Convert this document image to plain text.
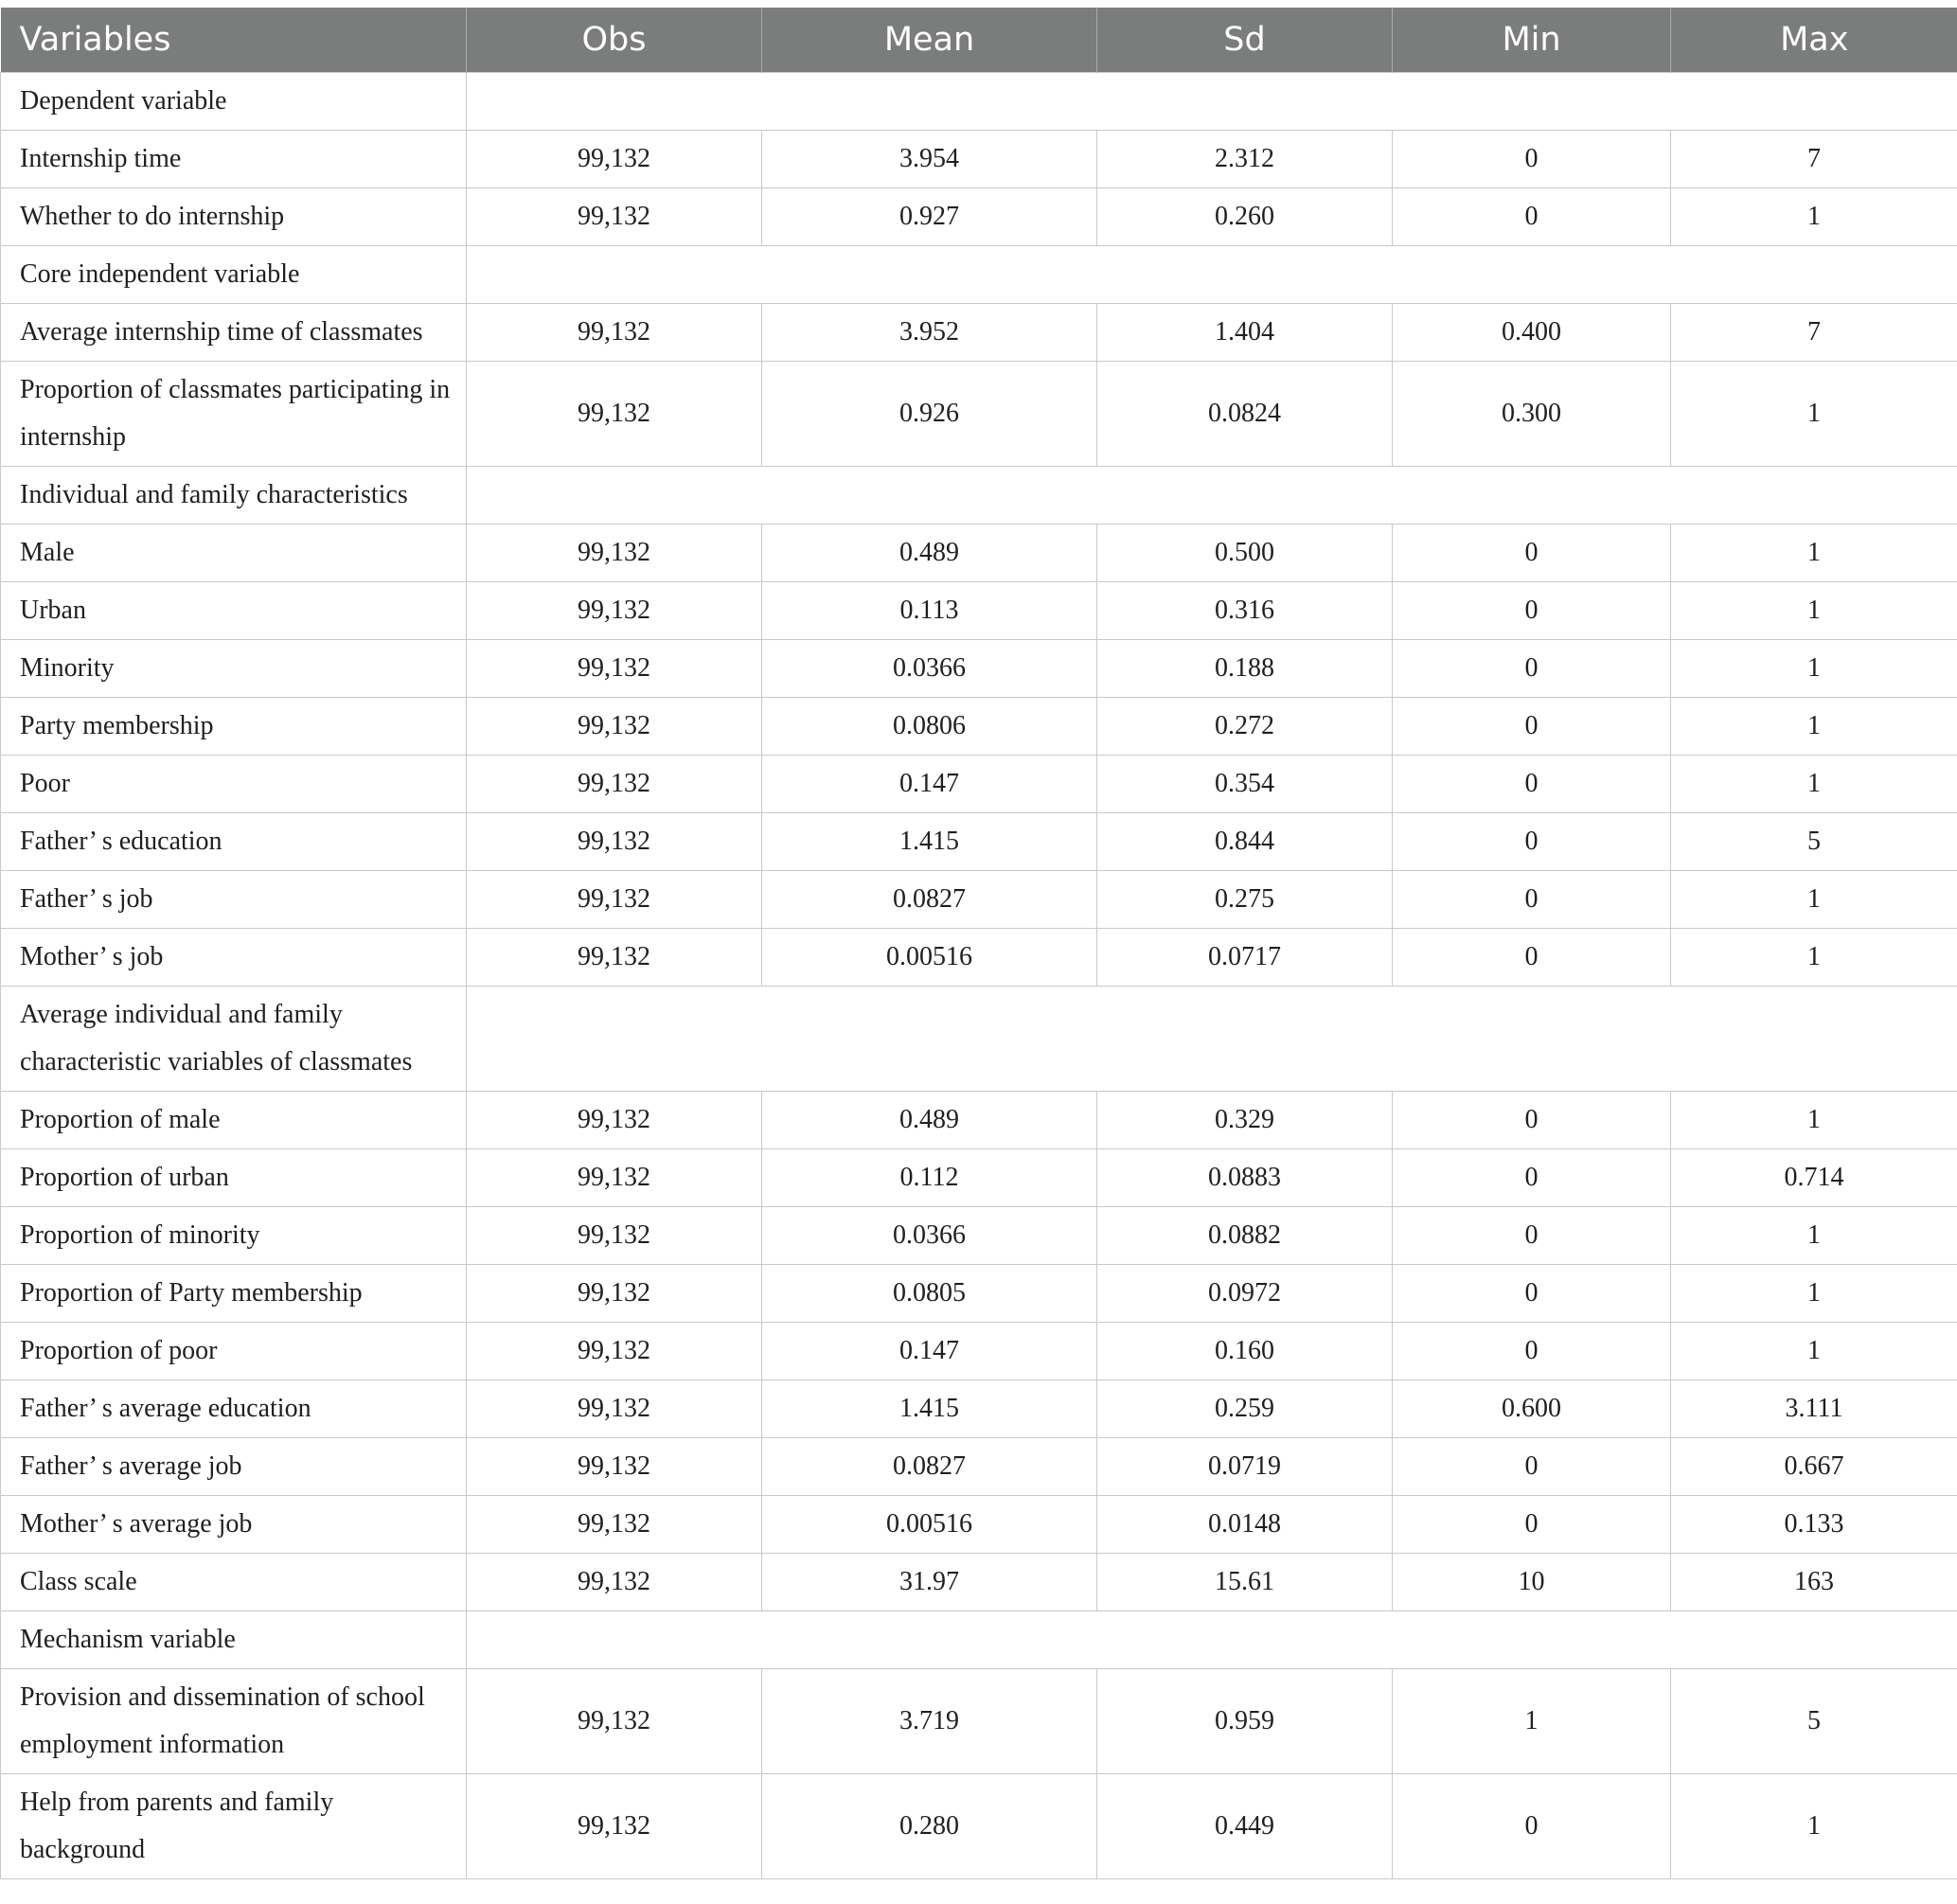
Variables	Obs	Mean	Sd	Min	Max
Dependent variable					
Internship time	99,132	3.954	2.312	0	7
Whether to do internship	99,132	0.927	0.260	0	1
Core independent variable					
Average internship time of classmates	99,132	3.952	1.404	0.400	7
Proportion of classmates participating in internship	99,132	0.926	0.0824	0.300	1
Individual and family characteristics					
Male	99,132	0.489	0.500	0	1
Urban	99,132	0.113	0.316	0	1
Minority	99,132	0.0366	0.188	0	1
Party membership	99,132	0.0806	0.272	0	1
Poor	99,132	0.147	0.354	0	1
Father’ s education	99,132	1.415	0.844	0	5
Father’ s job	99,132	0.0827	0.275	0	1
Mother’ s job	99,132	0.00516	0.0717	0	1
Average individual and family characteristic variables of classmates					
Proportion of male	99,132	0.489	0.329	0	1
Proportion of urban	99,132	0.112	0.0883	0	0.714
Proportion of minority	99,132	0.0366	0.0882	0	1
Proportion of Party membership	99,132	0.0805	0.0972	0	1
Proportion of poor	99,132	0.147	0.160	0	1
Father’ s average education	99,132	1.415	0.259	0.600	3.111
Father’ s average job	99,132	0.0827	0.0719	0	0.667
Mother’ s average job	99,132	0.00516	0.0148	0	0.133
Class scale	99,132	31.97	15.61	10	163
Mechanism variable					
Provision and dissemination of school employment information	99,132	3.719	0.959	1	5
Help from parents and family background	99,132	0.280	0.449	0	1
